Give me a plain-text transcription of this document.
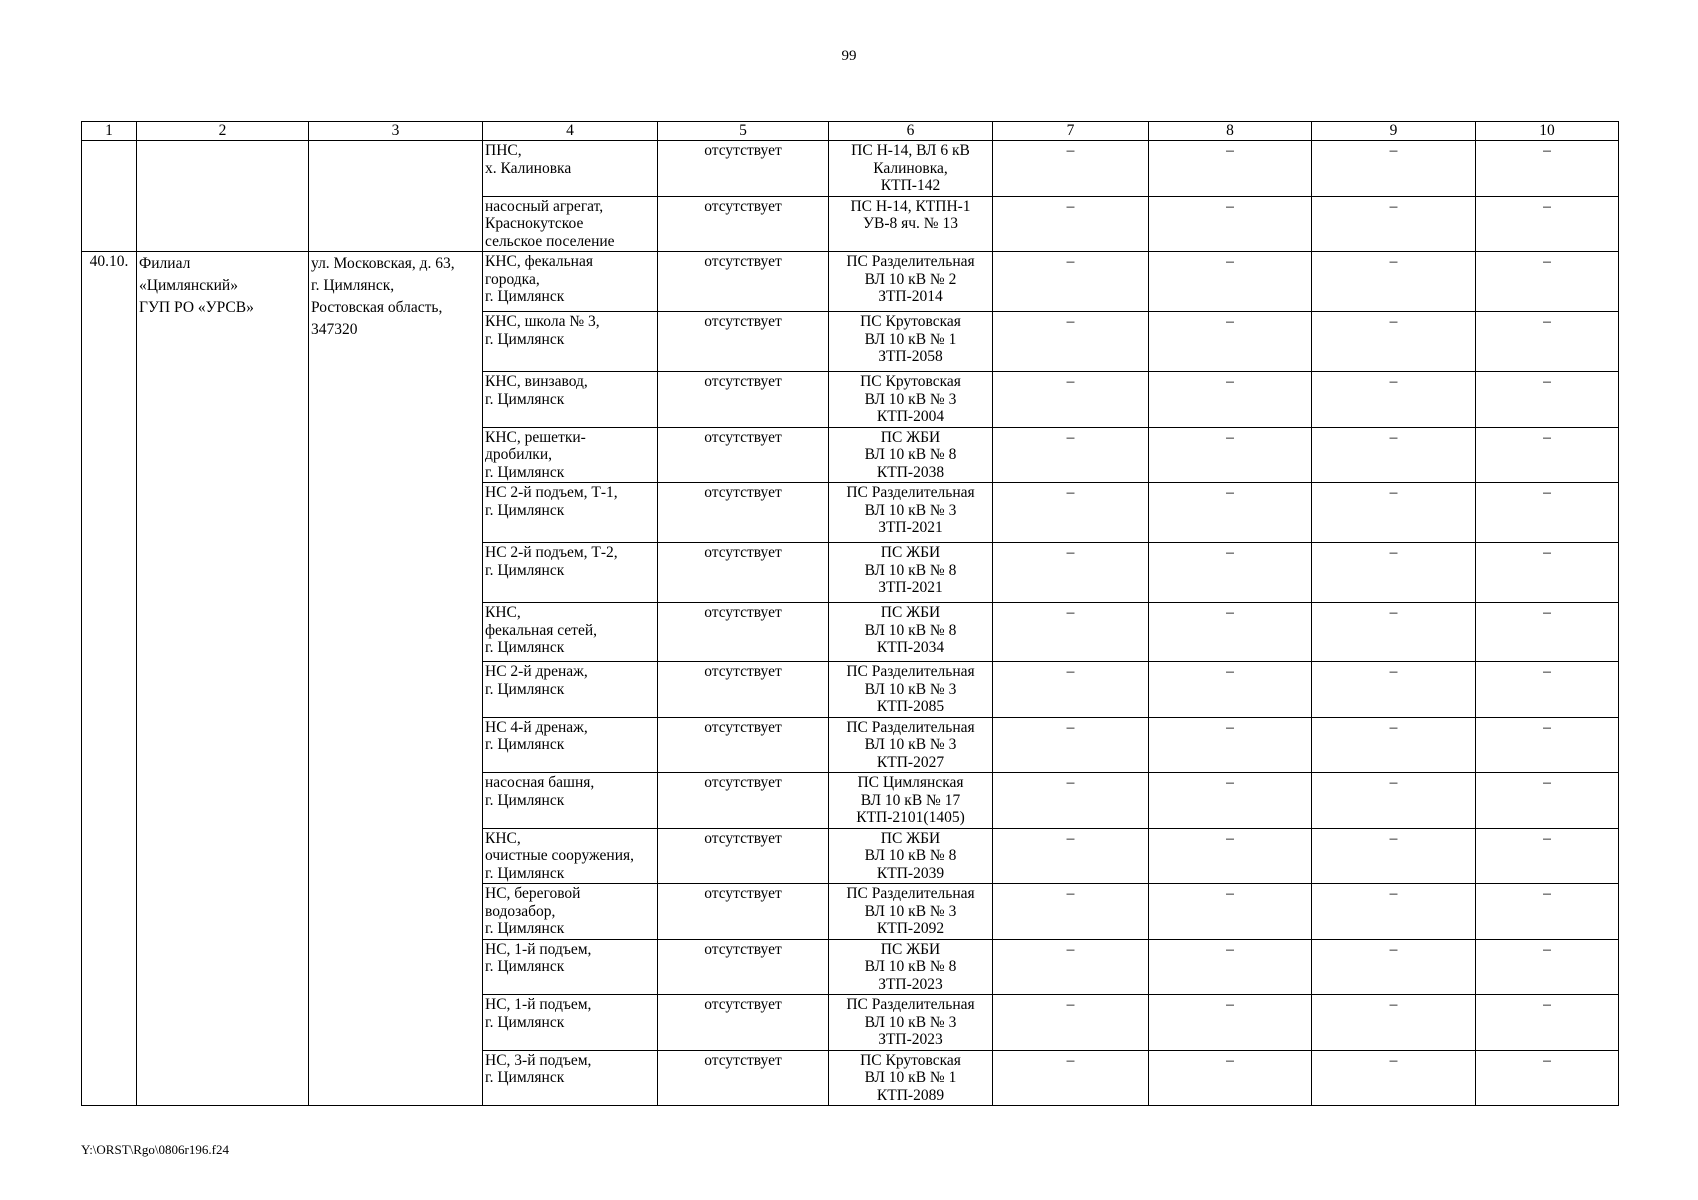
99
1	2	3	4	5	6	7	8	9	10

			ПНС,
х. Калиновка	отсутствует	ПС Н-14, ВЛ 6 кВ
Калиновка,
КТП-142	–	–	–	–

			насосный агрегат,
Краснокутское
сельское поселение	отсутствует	ПС Н-14, КТПН-1
УВ-8 яч. № 13	–	–	–	–
40.10.	Филиал
«Цимлянский»
ГУП РО «УРСВ»	ул. Московская, д. 63,
г. Цимлянск,
Ростовская область,
347320	КНС, фекальная
городка,
г. Цимлянск	отсутствует	ПС Разделительная
ВЛ 10 кВ № 2
ЗТП-2014	–	–	–	–

			КНС, школа № 3,
г. Цимлянск	отсутствует	ПС Крутовская
ВЛ 10 кВ № 1
ЗТП-2058	–	–	–	–

			КНС, винзавод,
г. Цимлянск	отсутствует	ПС Крутовская
ВЛ 10 кВ № 3
КТП-2004	–	–	–	–

			КНС, решетки-
дробилки,
г. Цимлянск	отсутствует	ПС ЖБИ
ВЛ 10 кВ № 8
КТП-2038	–	–	–	–

			НС 2-й подъем, Т-1,
г. Цимлянск	отсутствует	ПС Разделительная
ВЛ 10 кВ № 3
ЗТП-2021	–	–	–	–

			НС 2-й подъем, Т-2,
г. Цимлянск	отсутствует	ПС ЖБИ
ВЛ 10 кВ № 8
ЗТП-2021	–	–	–	–

			КНС,
фекальная сетей,
г. Цимлянск	отсутствует	ПС ЖБИ
ВЛ 10 кВ № 8
КТП-2034	–	–	–	–

			НС 2-й дренаж,
г. Цимлянск	отсутствует	ПС Разделительная
ВЛ 10 кВ № 3
КТП-2085	–	–	–	–

			НС 4-й дренаж,
г. Цимлянск	отсутствует	ПС Разделительная
ВЛ 10 кВ № 3
КТП-2027	–	–	–	–

			насосная башня,
г. Цимлянск	отсутствует	ПС Цимлянская
ВЛ 10 кВ № 17
КТП-2101(1405)	–	–	–	–

			КНС,
очистные сооружения,
г. Цимлянск	отсутствует	ПС ЖБИ
ВЛ 10 кВ № 8
КТП-2039	–	–	–	–

			НС, береговой
водозабор,
г. Цимлянск	отсутствует	ПС Разделительная
ВЛ 10 кВ № 3
КТП-2092	–	–	–	–

			НС, 1-й подъем,
г. Цимлянск	отсутствует	ПС ЖБИ
ВЛ 10 кВ № 8
ЗТП-2023	–	–	–	–

			НС, 1-й подъем,
г. Цимлянск	отсутствует	ПС Разделительная
ВЛ 10 кВ № 3
ЗТП-2023	–	–	–	–

			НС, 3-й подъем,
г. Цимлянск	отсутствует	ПС Крутовская
ВЛ 10 кВ № 1
КТП-2089	–	–	–	–
Y:\ORST\Rgo\0806r196.f24
